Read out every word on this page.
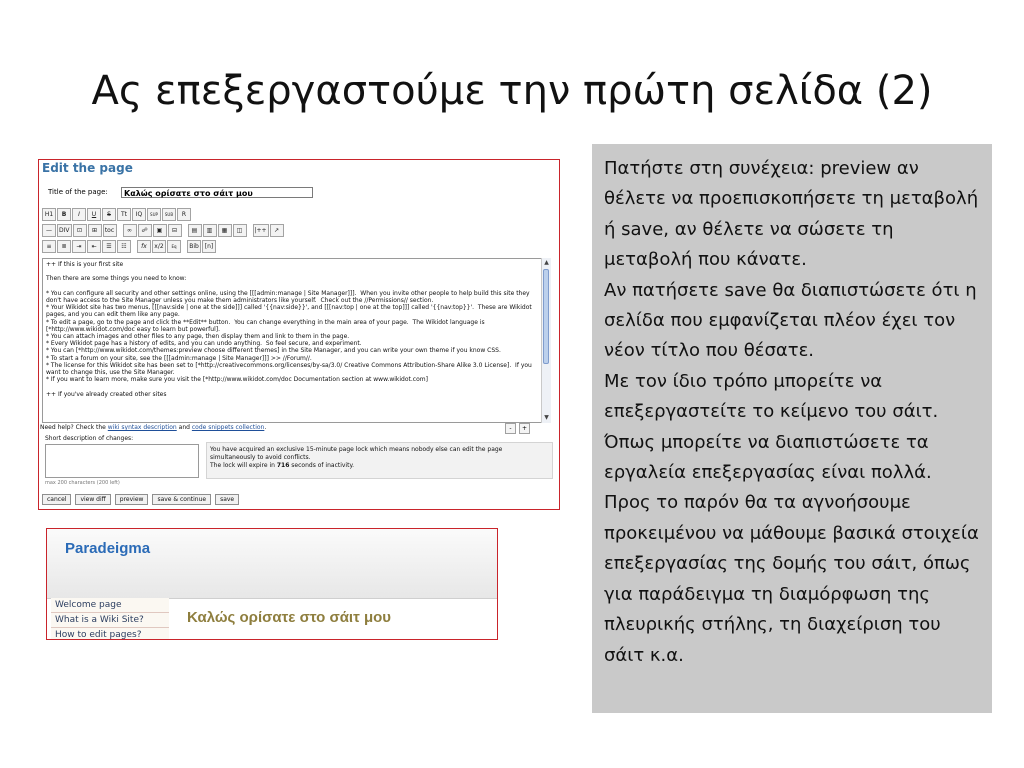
Ας επεξεργαστούμε την πρώτη σελίδα (2)
Edit the page
Title of the page:	Καλώς ορίσατε στο σάιτ μου
H1	B	I	U	S	Tt	IQ	SUP	SUB	R
—	DIV	⊡	⊞	toc	∞	☍	▣	⊟	▤	▥	▦	◫	|++	↗
≡	≣	⇥	⇤	☰	☷	fx	x/2	Eq	Bib [n]
++ If this is your first site

Then there are some things you need to know:

* You can configure all security and other settings online, using the [[[admin:manage | Site Manager]]].  When you invite other people to help build this site they don't have access to the Site Manager unless you make them administrators like yourself.  Check out the //Permissions// section.
* Your Wikidot site has two menus, [[[nav:side | one at the side]]] called '{{nav:side}}', and [[[nav:top | one at the top]]] called '{{nav:top}}'.  These are Wikidot pages, and you can edit them like any page.
* To edit a page, go to the page and click the **Edit** button.  You can change everything in the main area of your page.  The Wikidot language is [*http://www.wikidot.com/doc easy to learn but powerful].
* You can attach images and other files to any page, then display them and link to them in the page.
* Every Wikidot page has a history of edits, and you can undo anything.  So feel secure, and experiment.
* You can [*http://www.wikidot.com/themes:preview choose different themes] in the Site Manager, and you can write your own theme if you know CSS.
* To start a forum on your site, see the [[[admin:manage | Site Manager]]] >> //Forum//.
* The license for this Wikidot site has been set to [*http://creativecommons.org/licenses/by-sa/3.0/ Creative Commons Attribution-Share Alike 3.0 License].  If you want to change this, use the Site Manager.
* If you want to learn more, make sure you visit the [*http://www.wikidot.com/doc Documentation section at www.wikidot.com]

++ If you've already created other sites
▲
▼
Need help? Check the wiki syntax description and code snippets collection.	-	+
Short description of changes:
You have acquired an exclusive 15-minute page lock which means nobody else can edit the page simultaneously to avoid conflicts.
The lock will expire in 716 seconds of inactivity.
max 200 characters (200 left)
cancel	view diff	preview	save & continue	save
Paradeigma
Welcome page
What is a Wiki Site?
How to edit pages?
Καλώς ορίσατε στο σάιτ μου

Πατήστε στη συνέχεια: preview αν θέλετε να προεπισκοπήσετε τη μεταβολή ή save, αν θέλετε να σώσετε τη μεταβολή που κάνατε.

Αν πατήσετε save θα διαπιστώσετε ότι η σελίδα που εμφανίζεται πλέον έχει τον νέον τίτλο που θέσατε.

Με τον ίδιο τρόπο μπορείτε να επεξεργαστείτε το κείμενο του σάιτ. Όπως μπορείτε να διαπιστώσετε τα εργαλεία επεξεργασίας είναι πολλά. Προς το παρόν θα τα αγνοήσουμε προκειμένου να μάθουμε βασικά στοιχεία επεξεργασίας της δομής του σάιτ, όπως για παράδειγμα τη διαμόρφωση της πλευρικής στήλης, τη διαχείριση του σάιτ κ.α.
